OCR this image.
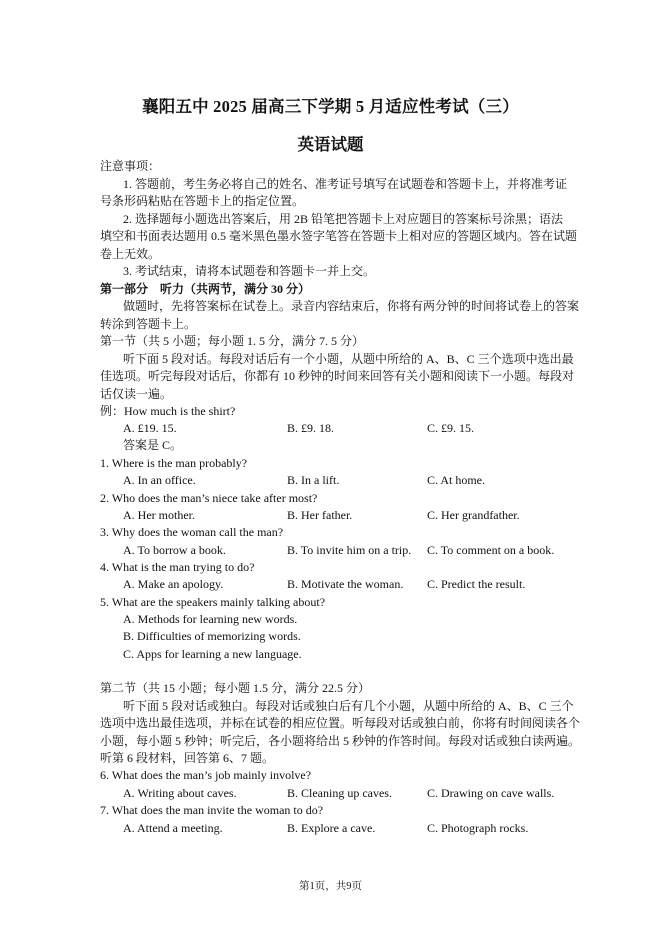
襄阳五中 2025 届高三下学期 5 月适应性考试（三）
英语试题
注意事项：
1. 答题前，考生务必将自己的姓名、准考证号填写在试题卷和答题卡上，并将准考证
号条形码粘贴在答题卡上的指定位置。
2. 选择题每小题选出答案后，用 2B 铅笔把答题卡上对应题目的答案标号涂黑；语法
填空和书面表达题用 0.5 毫米黑色墨水签字笔答在答题卡上相对应的答题区域内。答在试题
卷上无效。
3. 考试结束，请将本试题卷和答题卡一并上交。
第一部分　听力（共两节，满分 30 分）
做题时，先将答案标在试卷上。录音内容结束后，你将有两分钟的时间将试卷上的答案
转涂到答题卡上。
第一节（共 5 小题；每小题 1. 5 分，满分 7. 5 分）
听下面 5 段对话。每段对话后有一个小题，从题中所给的 A、B、C 三个选项中选出最
佳选项。听完每段对话后，你都有 10 秒钟的时间来回答有关小题和阅读下一小题。每段对
话仅读一遍。
例：How much is the shirt?
A. £19. 15.	B. £9. 18.	C. £9. 15.
答案是 C。
1. Where is the man probably?
A. In an office.	B. In a lift.	C. At home.
2. Who does the man’s niece take after most?
A. Her mother.	B. Her father.	C. Her grandfather.
3. Why does the woman call the man?
A. To borrow a book.	B. To invite him on a trip. C. To comment on a book.
4. What is the man trying to do?
A. Make an apology.	B. Motivate the woman. C. Predict the result.
5. What are the speakers mainly talking about?
A. Methods for learning new words.
B. Difficulties of memorizing words.
C. Apps for learning a new language.
第二节（共 15 小题；每小题 1.5 分，满分 22.5 分）
听下面 5 段对话或独白。每段对话或独白后有几个小题，从题中所给的 A、B、C 三个
选项中选出最佳选项，并标在试卷的相应位置。听每段对话或独白前，你将有时间阅读各个
小题，每小题 5 秒钟；听完后，各小题将给出 5 秒钟的作答时间。每段对话或独白读两遍。
听第 6 段材料，回答第 6、7 题。
6. What does the man’s job mainly involve?
A. Writing about caves.	B. Cleaning up caves.	C. Drawing on cave walls.
7. What does the man invite the woman to do?
A. Attend a meeting.	B. Explore a cave.	C. Photograph rocks.
第1页，共9页
